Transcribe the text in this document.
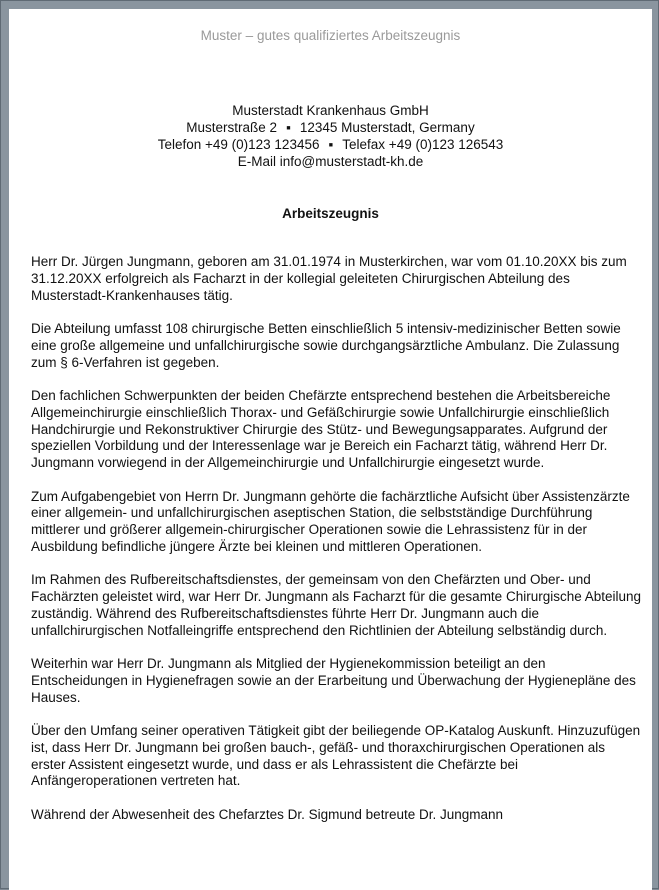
Muster – gutes qualifiziertes Arbeitszeugnis
Musterstadt Krankenhaus GmbH
Musterstraße 2 ▪ 12345 Musterstadt, Germany
Telefon +49 (0)123 123456 ▪ Telefax +49 (0)123 126543
E-Mail info@musterstadt-kh.de
Arbeitszeugnis

Herr Dr. Jürgen Jungmann, geboren am 31.01.1974 in Musterkirchen, war vom 01.10.20XX bis zum 31.12.20XX erfolgreich als Facharzt in der kollegial geleiteten Chirurgischen Abteilung des Musterstadt-Krankenhauses tätig.

Die Abteilung umfasst 108 chirurgische Betten einschließlich 5 intensiv-medizinischer Betten sowie eine große allgemeine und unfallchirurgische sowie durchgangsärztliche Ambulanz. Die Zulassung zum § 6-Verfahren ist gegeben.

Den fachlichen Schwerpunkten der beiden Chefärzte entsprechend bestehen die Arbeitsbereiche Allgemeinchirurgie einschließlich Thorax- und Gefäßchirurgie sowie Unfallchirurgie einschließlich Handchirurgie und Rekonstruktiver Chirurgie des Stütz- und Bewegungsapparates. Aufgrund der speziellen Vorbildung und der Interessenlage war je Bereich ein Facharzt tätig, während Herr Dr. Jungmann vorwiegend in der Allgemeinchirurgie und Unfallchirurgie eingesetzt wurde.

Zum Aufgabengebiet von Herrn Dr. Jungmann gehörte die fachärztliche Aufsicht über Assistenzärzte einer allgemein- und unfallchirurgischen aseptischen Station, die selbstständige Durchführung mittlerer und größerer allgemein-chirurgischer Operationen sowie die Lehrassistenz für in der Ausbildung befindliche jüngere Ärzte bei kleinen und mittleren Operationen.

Im Rahmen des Rufbereitschaftsdienstes, der gemeinsam von den Chefärzten und Ober- und Fachärzten geleistet wird, war Herr Dr. Jungmann als Facharzt für die gesamte Chirurgische Abteilung zuständig. Während des Rufbereitschaftsdienstes führte Herr Dr. Jungmann auch die unfallchirurgischen Notfalleingriffe entsprechend den Richtlinien der Abteilung selbständig durch.

Weiterhin war Herr Dr. Jungmann als Mitglied der Hygienekommission beteiligt an den Entscheidungen in Hygienefragen sowie an der Erarbeitung und Überwachung der Hygienepläne des Hauses.

Über den Umfang seiner operativen Tätigkeit gibt der beiliegende OP-Katalog Auskunft. Hinzuzufügen ist, dass Herr Dr. Jungmann bei großen bauch-, gefäß- und thoraxchirurgischen Operationen als erster Assistent eingesetzt wurde, und dass er als Lehrassistent die Chefärzte bei Anfängeroperationen vertreten hat.

Während der Abwesenheit des Chefarztes Dr. Sigmund betreute Dr. Jungmann
